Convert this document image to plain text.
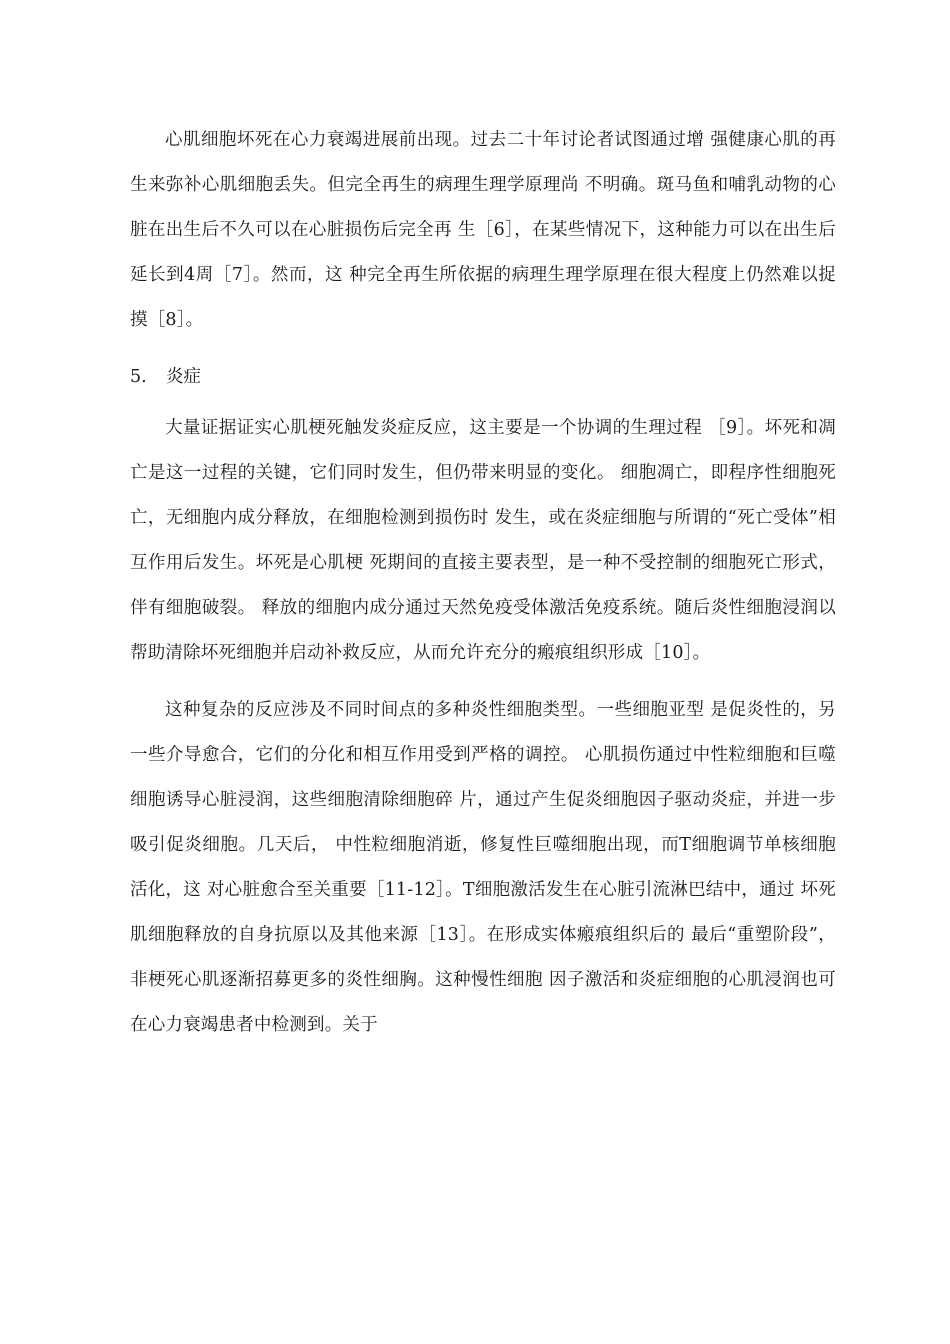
心肌细胞坏死在心力衰竭进展前出现。过去二十年讨论者试图通过增 强健康心肌的再生来弥补心肌细胞丢失。但完全再生的病理生理学原理尚 不明确。斑马鱼和哺乳动物的心脏在出生后不久可以在心脏损伤后完全再 生［6］，在某些情况下，这种能力可以在出生后延长到4周［7］。然而，这 种完全再生所依据的病理生理学原理在很大程度上仍然难以捉摸［8］。

5. 炎症

大量证据证实心肌梗死触发炎症反应，这主要是一个协调的生理过程 ［9］。坏死和凋亡是这一过程的关键，它们同时发生，但仍带来明显的变化。 细胞凋亡，即程序性细胞死亡，无细胞内成分释放，在细胞检测到损伤时 发生，或在炎症细胞与所谓的“死亡受体”相互作用后发生。坏死是心肌梗 死期间的直接主要表型，是一种不受控制的细胞死亡形式，伴有细胞破裂。 释放的细胞内成分通过天然免疫受体激活免疫系统。随后炎性细胞浸润以 帮助清除坏死细胞并启动补救反应，从而允许充分的瘢痕组织形成［10］。

这种复杂的反应涉及不同时间点的多种炎性细胞类型。一些细胞亚型 是促炎性的，另一些介导愈合，它们的分化和相互作用受到严格的调控。 心肌损伤通过中性粒细胞和巨噬细胞诱导心脏浸润，这些细胞清除细胞碎 片，通过产生促炎细胞因子驱动炎症，并进一步吸引促炎细胞。几天后， 中性粒细胞消逝，修复性巨噬细胞出现，而T细胞调节单核细胞活化，这 对心脏愈合至关重要［11-12］。T细胞激活发生在心脏引流淋巴结中，通过 坏死肌细胞释放的自身抗原以及其他来源［13］。在形成实体瘢痕组织后的 最后“重塑阶段”，非梗死心肌逐渐招募更多的炎性细胸。这种慢性细胞 因子激活和炎症细胞的心肌浸润也可在心力衰竭患者中检测到。关于
